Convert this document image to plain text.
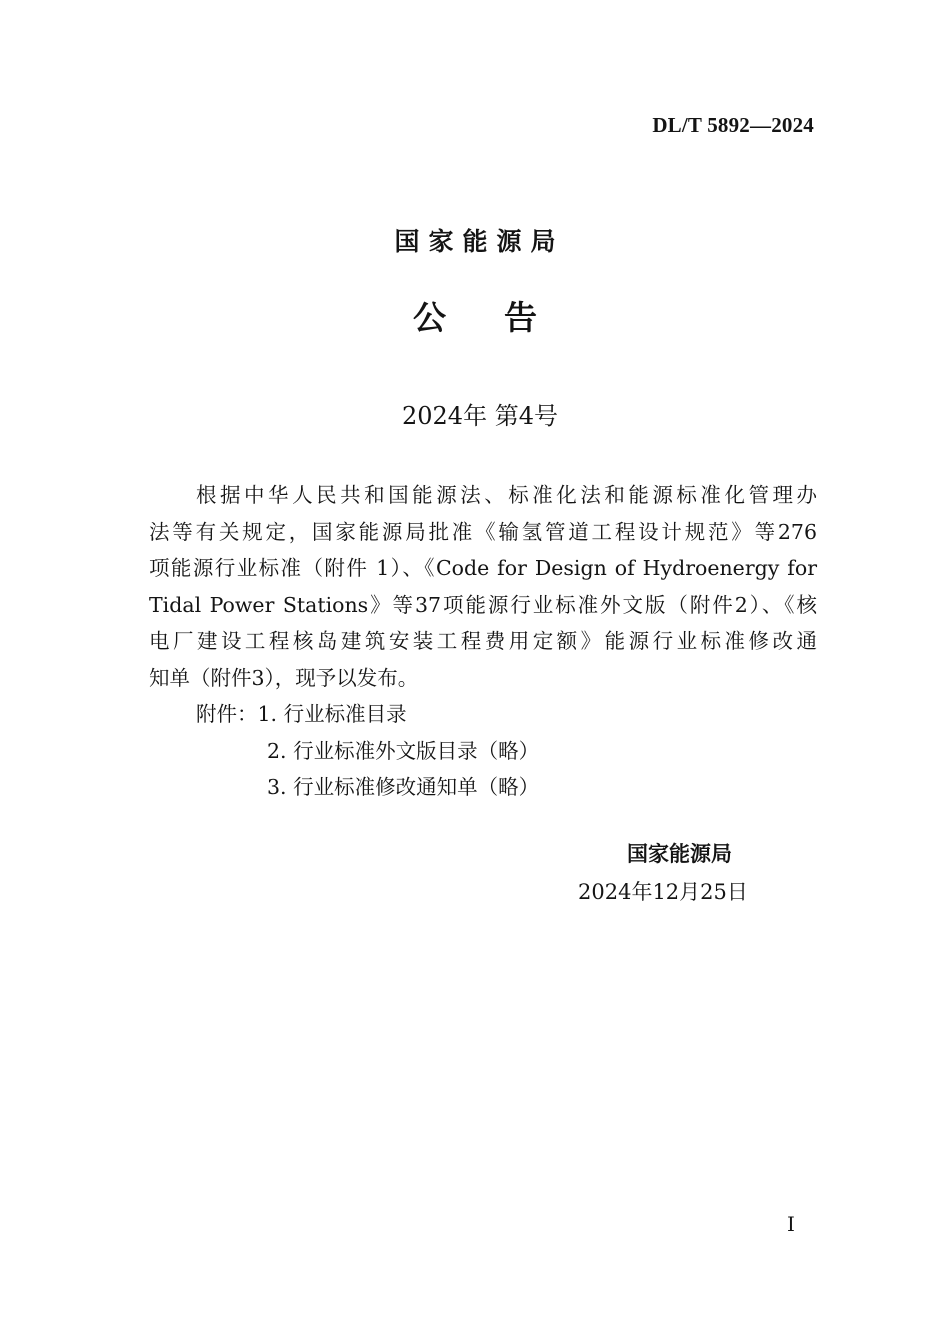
DL/T 5892—2024
国家能源局
公告
2024年 第4号
根据中华人民共和国能源法、标准化法和能源标准化管理办
法等有关规定，国家能源局批准《输氢管道工程设计规范》等276
项能源行业标准（附件 1）、《Code for Design of Hydroenergy for
Tidal Power Stations》等37项能源行业标准外文版（附件2）、《核
电厂建设工程核岛建筑安装工程费用定额》能源行业标准修改通
知单（附件3），现予以发布。
附件：1. 行业标准目录
2. 行业标准外文版目录（略）
3. 行业标准修改通知单（略）
国家能源局
2024年12月25日
I
